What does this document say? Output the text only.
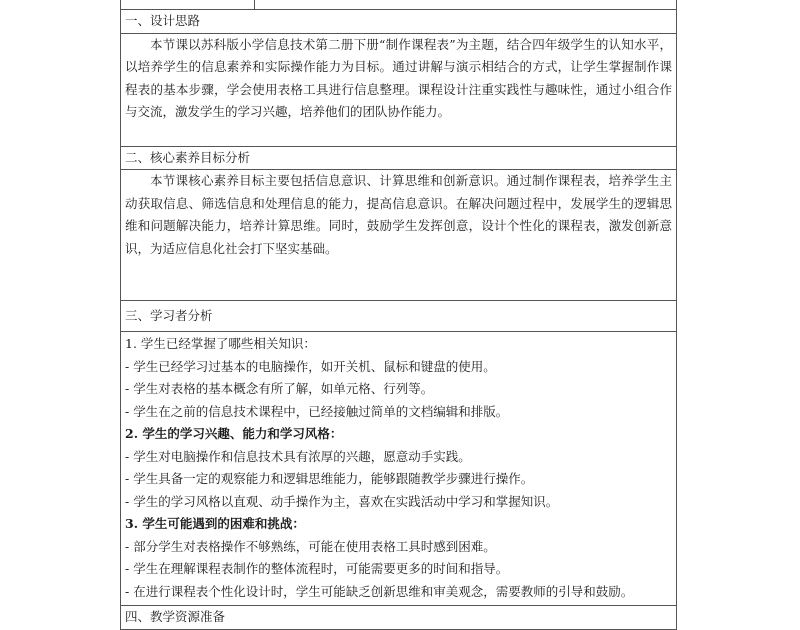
一、设计思路

本节课以苏科版小学信息技术第二册下册“制作课程表”为主题，结合四年级学生的认知水平，以培养学生的信息素养和实际操作能力为目标。通过讲解与演示相结合的方式，让学生掌握制作课程表的基本步骤，学会使用表格工具进行信息整理。课程设计注重实践性与趣味性，通过小组合作与交流，激发学生的学习兴趣，培养他们的团队协作能力。

二、核心素养目标分析

本节课核心素养目标主要包括信息意识、计算思维和创新意识。通过制作课程表，培养学生主动获取信息、筛选信息和处理信息的能力，提高信息意识。在解决问题过程中，发展学生的逻辑思维和问题解决能力，培养计算思维。同时，鼓励学生发挥创意，设计个性化的课程表，激发创新意识，为适应信息化社会打下坚实基础。

三、学习者分析

1. 学生已经掌握了哪些相关知识：

- 学生已经学习过基本的电脑操作，如开关机、鼠标和键盘的使用。

- 学生对表格的基本概念有所了解，如单元格、行列等。

- 学生在之前的信息技术课程中，已经接触过简单的文档编辑和排版。

2. 学生的学习兴趣、能力和学习风格：

- 学生对电脑操作和信息技术具有浓厚的兴趣，愿意动手实践。

- 学生具备一定的观察能力和逻辑思维能力，能够跟随教学步骤进行操作。

- 学生的学习风格以直观、动手操作为主，喜欢在实践活动中学习和掌握知识。

3. 学生可能遇到的困难和挑战：

- 部分学生对表格操作不够熟练，可能在使用表格工具时感到困难。

- 学生在理解课程表制作的整体流程时，可能需要更多的时间和指导。

- 在进行课程表个性化设计时，学生可能缺乏创新思维和审美观念，需要教师的引导和鼓励。

四、教学资源准备
